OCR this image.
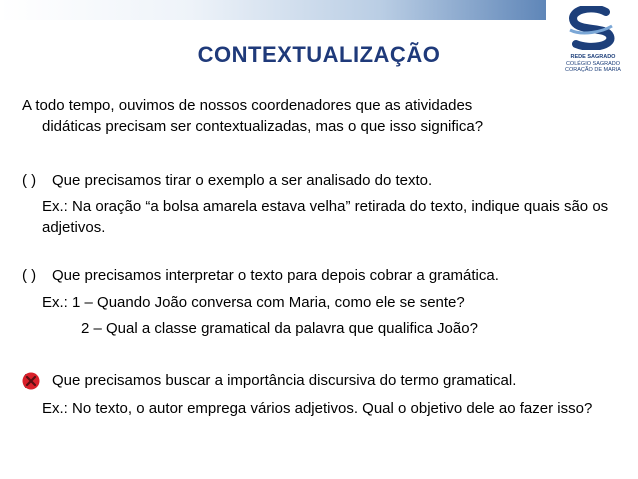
REDE SAGRADO
COLÉGIO SAGRADO
CORAÇÃO DE MARIA
CONTEXTUALIZAÇÃO
A todo tempo, ouvimos de nossos coordenadores que as atividades
didáticas precisam ser contextualizadas, mas o que isso significa?
( ) Que precisamos tirar o exemplo a ser analisado do texto.
Ex.: Na oração “a bolsa amarela estava velha” retirada do texto, indique quais são os adjetivos.
( ) Que precisamos interpretar o texto para depois cobrar a gramática.
Ex.: 1 – Quando João conversa com Maria, como ele se sente?
2 – Qual a classe gramatical da palavra que qualifica João?
Que precisamos buscar a importância discursiva do termo gramatical.
Ex.: No texto, o autor emprega vários adjetivos. Qual o objetivo dele ao fazer isso?
